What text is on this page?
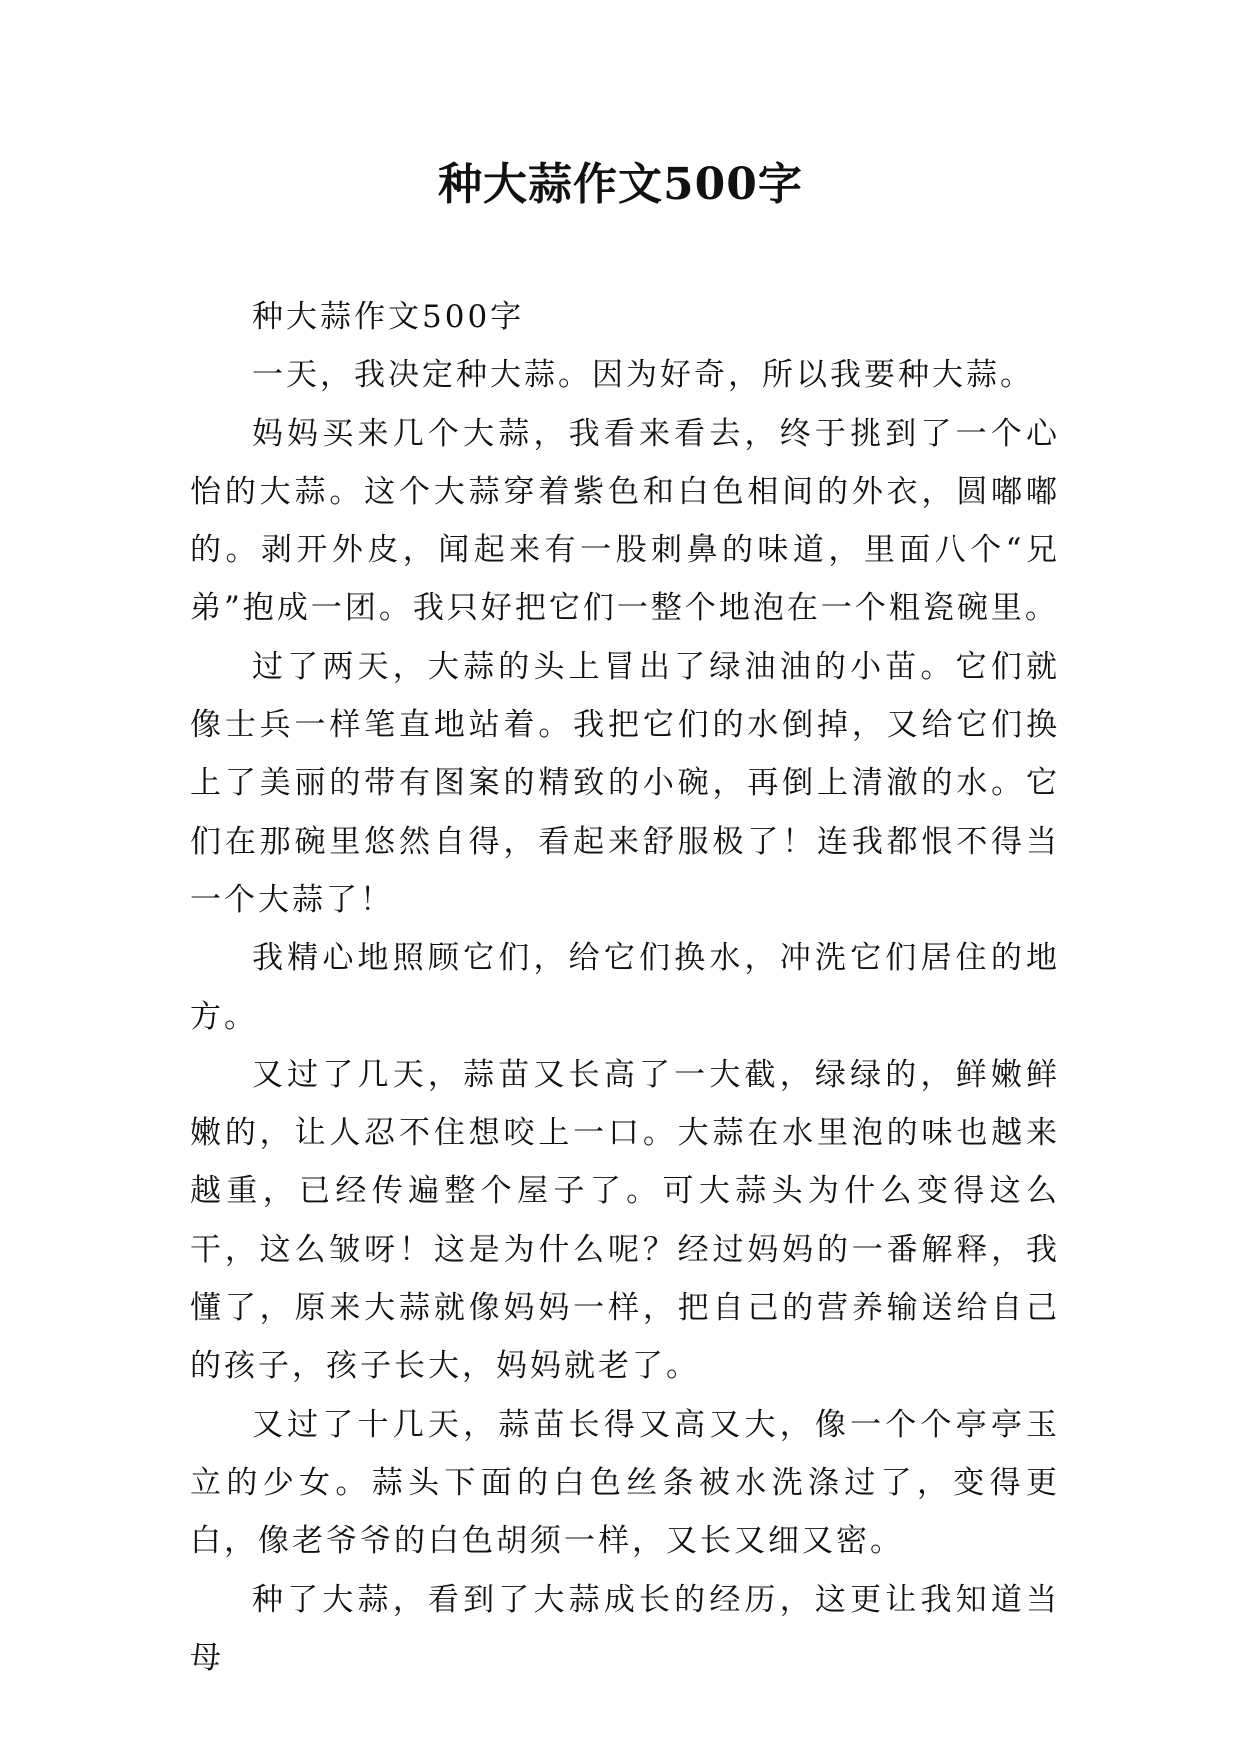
种大蒜作文500字

种大蒜作文500字

一天，我决定种大蒜。因为好奇，所以我要种大蒜。

妈妈买来几个大蒜，我看来看去，终于挑到了一个心怡的大蒜。这个大蒜穿着紫色和白色相间的外衣，圆嘟嘟的。剥开外皮，闻起来有一股刺鼻的味道，里面八个“兄弟”抱成一团。我只好把它们一整个地泡在一个粗瓷碗里。

过了两天，大蒜的头上冒出了绿油油的小苗。它们就像士兵一样笔直地站着。我把它们的水倒掉，又给它们换上了美丽的带有图案的精致的小碗，再倒上清澈的水。它们在那碗里悠然自得，看起来舒服极了！连我都恨不得当一个大蒜了！

我精心地照顾它们，给它们换水，冲洗它们居住的地方。

又过了几天，蒜苗又长高了一大截，绿绿的，鲜嫩鲜嫩的，让人忍不住想咬上一口。大蒜在水里泡的味也越来越重，已经传遍整个屋子了。可大蒜头为什么变得这么干，这么皱呀！这是为什么呢？经过妈妈的一番解释，我懂了，原来大蒜就像妈妈一样，把自己的营养输送给自己的孩子，孩子长大，妈妈就老了。

又过了十几天，蒜苗长得又高又大，像一个个亭亭玉立的少女。蒜头下面的白色丝条被水洗涤过了，变得更白，像老爷爷的白色胡须一样，又长又细又密。

种了大蒜，看到了大蒜成长的经历，这更让我知道当母
